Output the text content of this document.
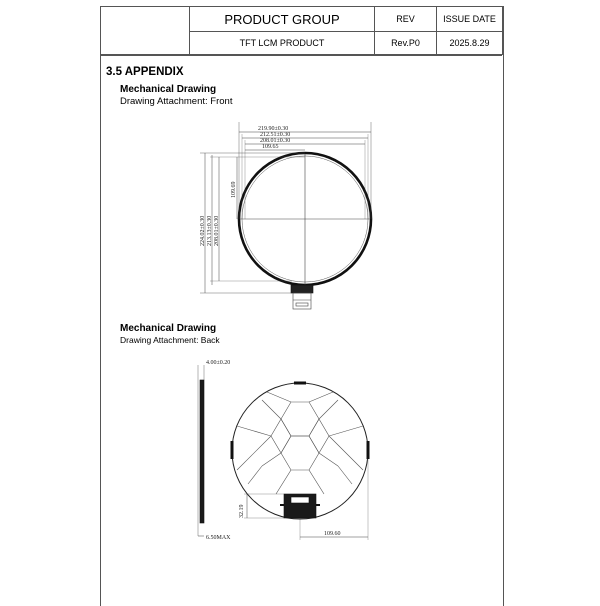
	PRODUCT GROUP	REV	ISSUE DATE
	TFT LCM PRODUCT	Rev.P0	2025.8.29
3.5 APPENDIX
Mechanical Drawing
Drawing Attachment: Front
Mechanical Drawing
Drawing Attachment: Back
219.90±0.30
212.51±0.30
208.01±0.30
109.65
109.69
224.02±0.30 213.13±0.30 208.01±0.30
4.00±0.20
6.50MAX
32.19
109.60
